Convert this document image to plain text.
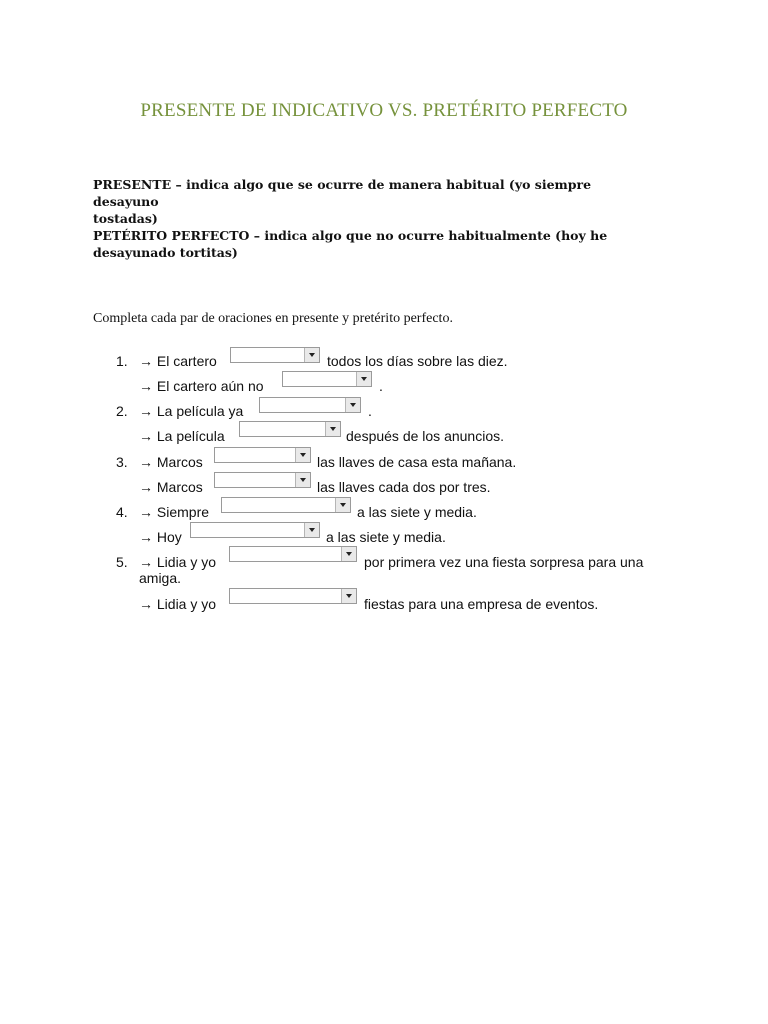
PRESENTE DE INDICATIVO VS. PRETÉRITO PERFECTO
PRESENTE – indica algo que se ocurre de manera habitual (yo siempre desayuno
tostadas)
PETÉRITO PERFECTO – indica algo que no ocurre habitualmente (hoy he
desayunado tortitas)
Completa cada par de oraciones en presente y pretérito perfecto.
1. → El cartero	todos los días sobre las diez.
→ El cartero aún no	.
2. → La película ya	.
→ La película	después de los anuncios.
3. → Marcos	las llaves de casa esta mañana.
→ Marcos	las llaves cada dos por tres.
4. → Siempre	a las siete y media.
→ Hoy	a las siete y media.
5. → Lidia y yo	por primera vez una fiesta sorpresa para una
amiga.
→ Lidia y yo	fiestas para una empresa de eventos.
